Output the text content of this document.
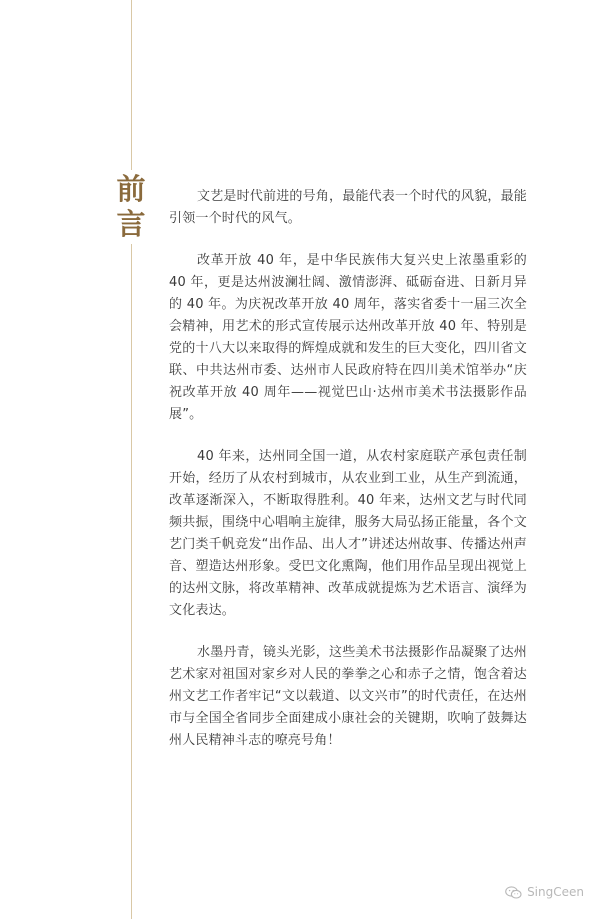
前
言

文艺是时代前进的号角，最能代表一个时代的风貌，最能引领一个时代的风气。

改革开放 40 年，是中华民族伟大复兴史上浓墨重彩的 40 年，更是达州波澜壮阔、激情澎湃、砥砺奋进、日新月异的 40 年。为庆祝改革开放 40 周年，落实省委十一届三次全会精神，用艺术的形式宣传展示达州改革开放 40 年、特别是党的十八大以来取得的辉煌成就和发生的巨大变化，四川省文联、中共达州市委、达州市人民政府特在四川美术馆举办“庆祝改革开放 40 周年——视觉巴山·达州市美术书法摄影作品展”。

40 年来，达州同全国一道，从农村家庭联产承包责任制开始，经历了从农村到城市，从农业到工业，从生产到流通，改革逐渐深入，不断取得胜利。40 年来，达州文艺与时代同频共振，围绕中心唱响主旋律，服务大局弘扬正能量，各个文艺门类千帆竞发“出作品、出人才”讲述达州故事、传播达州声音、塑造达州形象。受巴文化熏陶，他们用作品呈现出视觉上的达州文脉，将改革精神、改革成就提炼为艺术语言、演绎为文化表达。

水墨丹青，镜头光影，这些美术书法摄影作品凝聚了达州艺术家对祖国对家乡对人民的拳拳之心和赤子之情，饱含着达州文艺工作者牢记“文以载道、以文兴市”的时代责任，在达州市与全国全省同步全面建成小康社会的关键期，吹响了鼓舞达州人民精神斗志的嘹亮号角！

SingCeen
